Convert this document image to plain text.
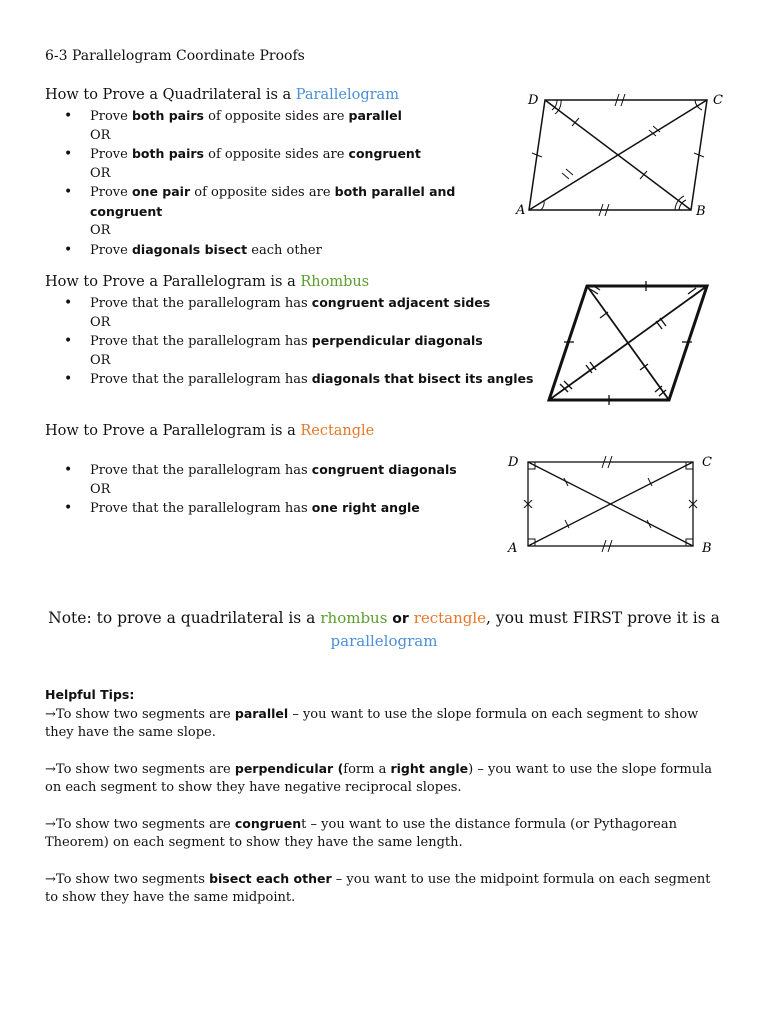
6-3 Parallelogram Coordinate Proofs
How to Prove a Quadrilateral is a Parallelogram
• Prove both pairs of opposite sides are parallel
OR
• Prove both pairs of opposite sides are congruent
OR
• Prove one pair of opposite sides are both parallel and congruent
OR
• Prove diagonals bisect each other
A	B
C
D
How to Prove a Parallelogram is a Rhombus
• Prove that the parallelogram has congruent adjacent sides
OR
• Prove that the parallelogram has perpendicular diagonals
OR
• Prove that the parallelogram has diagonals that bisect its angles
How to Prove a Parallelogram is a Rectangle
• Prove that the parallelogram has congruent diagonals
OR
• Prove that the parallelogram has one right angle
D	C
A	B
Note: to prove a quadrilateral is a rhombus or rectangle, you must FIRST prove it is a
parallelogram
Helpful Tips:

→To show two segments are parallel – you want to use the slope formula on each segment to show they have the same slope.

→To show two segments are perpendicular (form a right angle) – you want to use the slope formula on each segment to show they have negative reciprocal slopes.

→To show two segments are congruent – you want to use the distance formula (or Pythagorean Theorem) on each segment to show they have the same length.

→To show two segments bisect each other – you want to use the midpoint formula on each segment to show they have the same midpoint.
